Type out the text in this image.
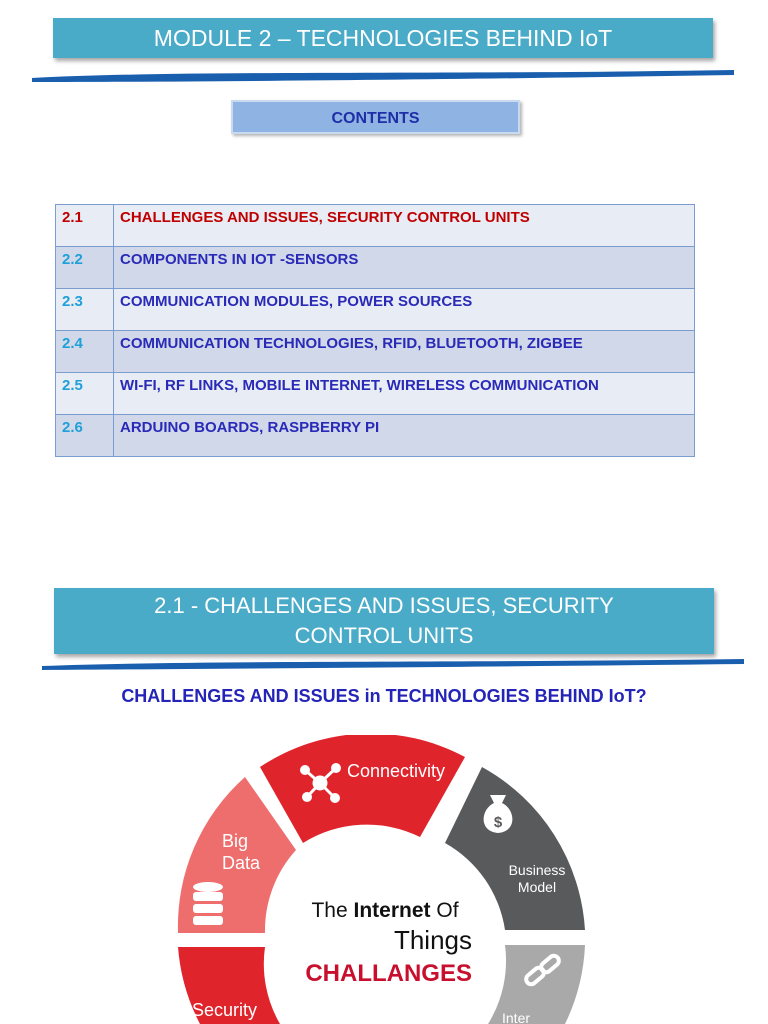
MODULE 2 – TECHNOLOGIES BEHIND IoT
CONTENTS
2.1	CHALLENGES AND ISSUES, SECURITY CONTROL UNITS
2.2	COMPONENTS IN IOT -SENSORS
2.3	COMMUNICATION MODULES, POWER SOURCES
2.4	COMMUNICATION TECHNOLOGIES, RFID, BLUETOOTH, ZIGBEE
2.5	WI-FI, RF LINKS, MOBILE INTERNET, WIRELESS COMMUNICATION
2.6	ARDUINO BOARDS, RASPBERRY PI
2.1 - CHALLENGES AND ISSUES, SECURITY
CONTROL UNITS
CHALLENGES AND ISSUES in TECHNOLOGIES BEHIND IoT?
Connectivity
Big
Data
$
Business
Model
Security	Inter
The Internet Of
Things
CHALLANGES
